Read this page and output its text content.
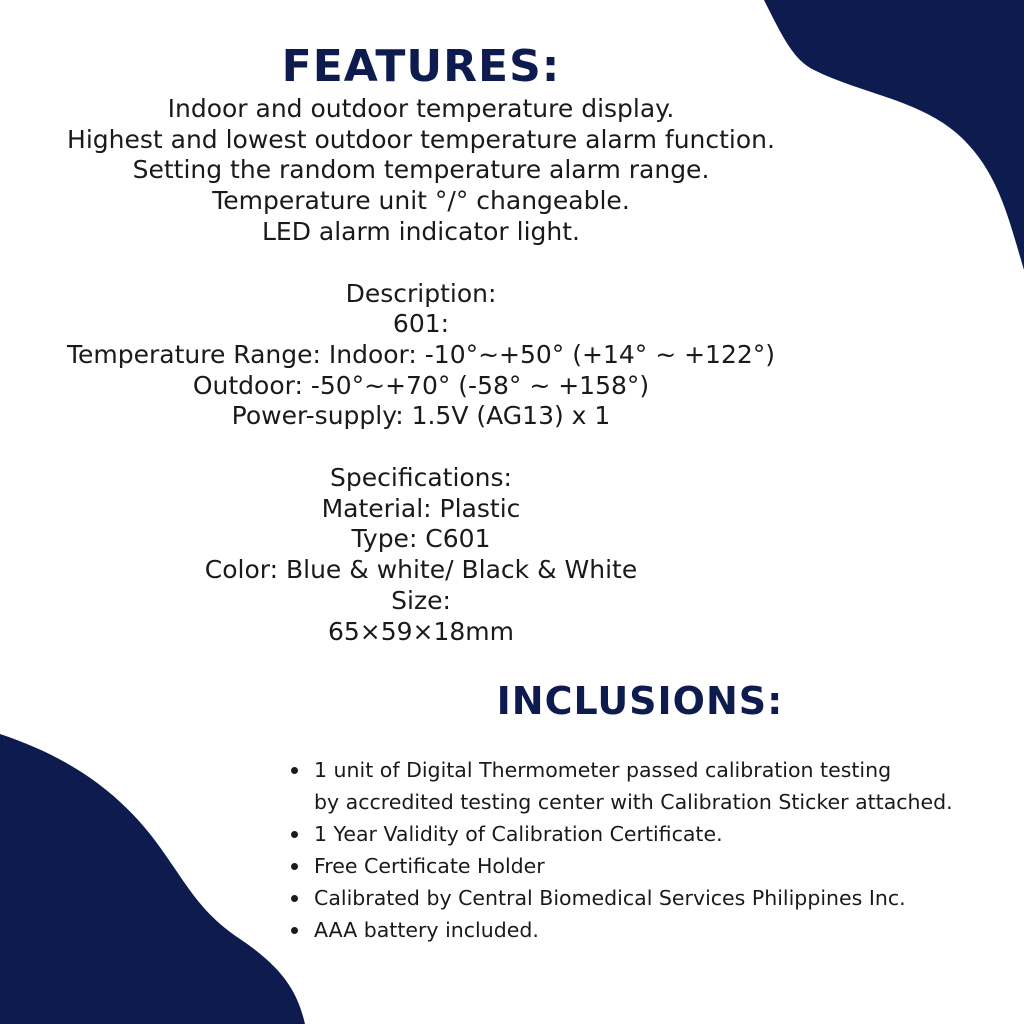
FEATURES:
Indoor and outdoor temperature display.
Highest and lowest outdoor temperature alarm function.
Setting the random temperature alarm range.
Temperature unit °/° changeable.
LED alarm indicator light.
Description:
601:
Temperature Range: Indoor: -10°~+50° (+14° ~ +122°)
Outdoor: -50°~+70° (-58° ~ +158°)
Power-supply: 1.5V (AG13) x 1
Specifications:
Material: Plastic
Type: C601
Color: Blue & white/ Black & White
Size:
65×59×18mm
INCLUSIONS:
1 unit of Digital Thermometer passed calibration testing
by accredited testing center with Calibration Sticker attached.
1 Year Validity of Calibration Certificate.
Free Certificate Holder
Calibrated by Central Biomedical Services Philippines Inc.
AAA battery included.
